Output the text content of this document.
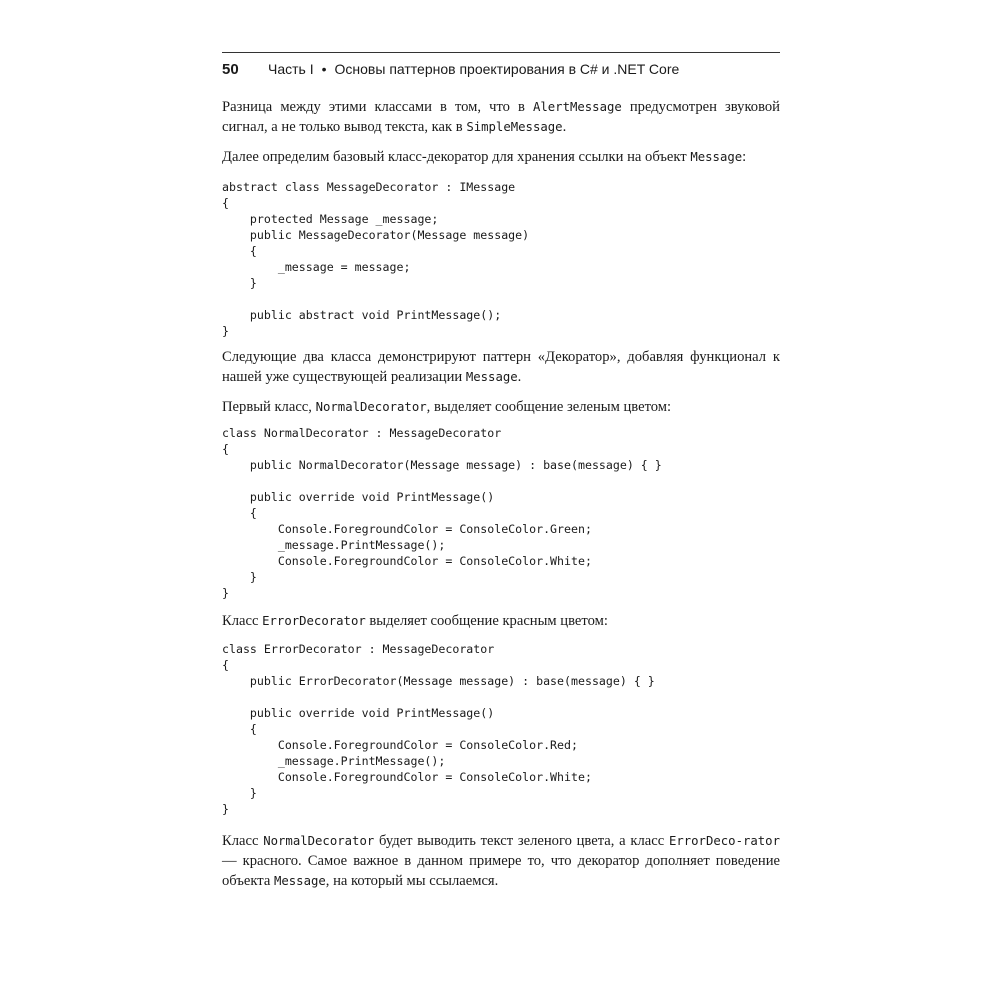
50	Часть I • Основы паттернов проектирования в C# и .NET Core

Разница между этими классами в том, что в AlertMessage предусмотрен звуковой сигнал, а не только вывод текста, как в SimpleMessage.

Далее определим базовый класс-декоратор для хранения ссылки на объект Message:

abstract class MessageDecorator : IMessage
{
protected Message _message;
public MessageDecorator(Message message)
{
_message = message;
}

public abstract void PrintMessage();
}

Следующие два класса демонстрируют паттерн «Декоратор», добавляя функционал к нашей уже существующей реализации Message.

Первый класс, NormalDecorator, выделяет сообщение зеленым цветом:

class NormalDecorator : MessageDecorator
{
public NormalDecorator(Message message) : base(message) { }

public override void PrintMessage()
{
Console.ForegroundColor = ConsoleColor.Green;
_message.PrintMessage();
Console.ForegroundColor = ConsoleColor.White;
}
}

Класс ErrorDecorator выделяет сообщение красным цветом:

class ErrorDecorator : MessageDecorator
{
public ErrorDecorator(Message message) : base(message) { }

public override void PrintMessage()
{
Console.ForegroundColor = ConsoleColor.Red;
_message.PrintMessage();
Console.ForegroundColor = ConsoleColor.White;
}
}

Класс NormalDecorator будет выводить текст зеленого цвета, а класс ErrorDeco-rator — красного. Самое важное в данном примере то, что декоратор дополняет поведение объекта Message, на который мы ссылаемся.
